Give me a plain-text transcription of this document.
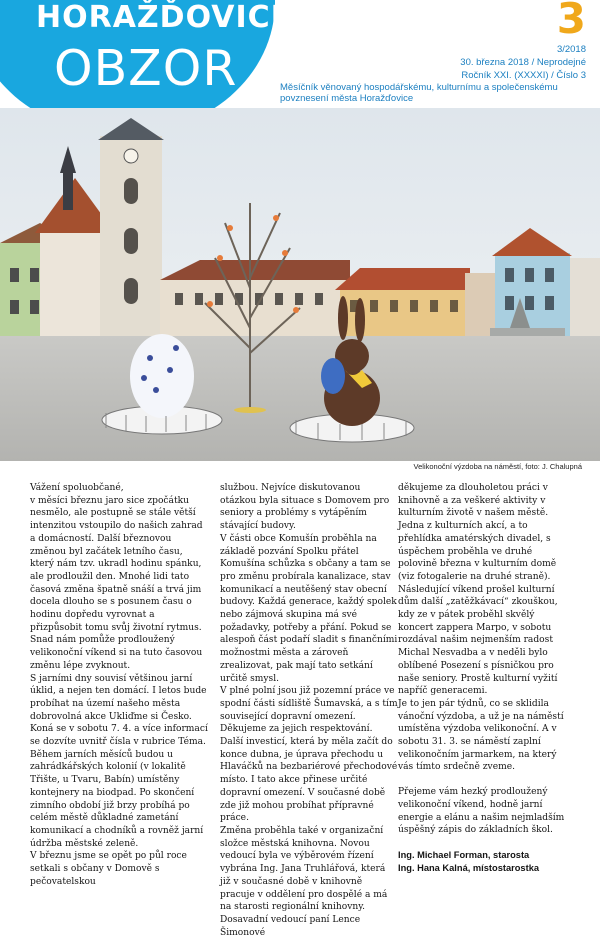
HORAŽĎOVICKÝ
OBZOR
3
3/2018
30. března 2018 / Neprodejné
Ročník XXI. (XXXXI) / Číslo 3
Měsíčník věnovaný hospodářskému, kulturnímu a společenskému povznesení města Horažďovice
Velikonoční výzdoba na náměstí, foto: J. Chalupná

Vážení spoluobčané,
v měsíci březnu jaro sice zpočátku nesmělo, ale postupně se stále větší intenzitou vstoupilo do našich zahrad a domácností. Další březnovou změnou byl začátek letního času, který nám tzv. ukradl hodinu spánku, ale prodloužil den. Mnohé lidi tato časová změna špatně snáší a trvá jim docela dlouho se s posunem času o hodinu dopředu vyrovnat a přizpůsobit tomu svůj životní rytmus. Snad nám pomůže prodloužený velikonoční víkend si na tuto časovou změnu lépe zvyknout.
S jarními dny souvisí většinou jarní úklid, a nejen ten domácí. I letos bude probíhat na území našeho města dobrovolná akce Ukliďme si Česko. Koná se v sobotu 7. 4. a více informací se dozvíte uvnitř čísla v rubrice Téma. Během jarních měsíců budou u zahrádkářských kolonií (v lokalitě Třište, u Tvaru, Babín) umístěny kontejnery na biodpad. Po skončení zimního období již brzy probíhá po celém městě důkladné zametání komunikací a chodníků a rovněž jarní údržba městské zeleně.
V březnu jsme se opět po půl roce setkali s občany v Domově s pečovatelskou

službou. Nejvíce diskutovanou otázkou byla situace s Domovem pro seniory a problémy s vytápěním stávající budovy.
V části obce Komušín proběhla na základě pozvání Spolku přátel Komušína schůzka s občany a tam se pro změnu probírala kanalizace, stav komunikací a neutěšený stav obecní budovy. Každá generace, každý spolek nebo zájmová skupina má své požadavky, potřeby a přání. Pokud se alespoň část podaří sladit s finančními možnostmi města a zároveň zrealizovat, pak mají tato setkání určitě smysl.
V plné polní jsou již pozemní práce ve spodní části sídliště Šumavská, a s tím související dopravní omezení. Děkujeme za jejich respektování. Další investicí, která by měla začít do konce dubna, je úprava přechodu u Hlaváčků na bezbariérové přechodové místo. I tato akce přinese určité dopravní omezení. V současné době zde již mohou probíhat přípravné práce.
Změna proběhla také v organizační složce městská knihovna. Novou vedoucí byla ve výběrovém řízení vybrána Ing. Jana Truhlářová, která již v současné době v knihovně pracuje v oddělení pro dospělé a má na starosti regionální knihovny. Dosavadní vedoucí paní Lence Šimonové

děkujeme za dlouholetou práci v knihovně a za veškeré aktivity v kulturním životě v našem městě.
Jedna z kulturních akcí, a to přehlídka amatérských divadel, s úspěchem proběhla ve druhé polovině března v kulturním domě (viz fotogalerie na druhé straně). Následující víkend prošel kulturní dům další „zatěžkávací“ zkouškou, kdy ze v pátek proběhl skvělý koncert zappera Marpo, v sobotu rozdával našim nejmenším radost Michal Nesvadba a v neděli bylo oblíbené Posezení s písničkou pro naše seniory. Prostě kulturní vyžití napříč generacemi.
Je to jen pár týdnů, co se sklidila vánoční výzdoba, a už je na náměstí umístěna výzdoba velikonoční. A v sobotu 31. 3. se náměstí zaplní velikonočním jarmarkem, na který vás tímto srdečně zveme.

Přejeme vám hezký prodloužený velikonoční víkend, hodně jarní energie a elánu a našim nejmladším úspěšný zápis do základních škol.

Ing. Michael Forman, starosta

Ing. Hana Kalná, místostarostka
